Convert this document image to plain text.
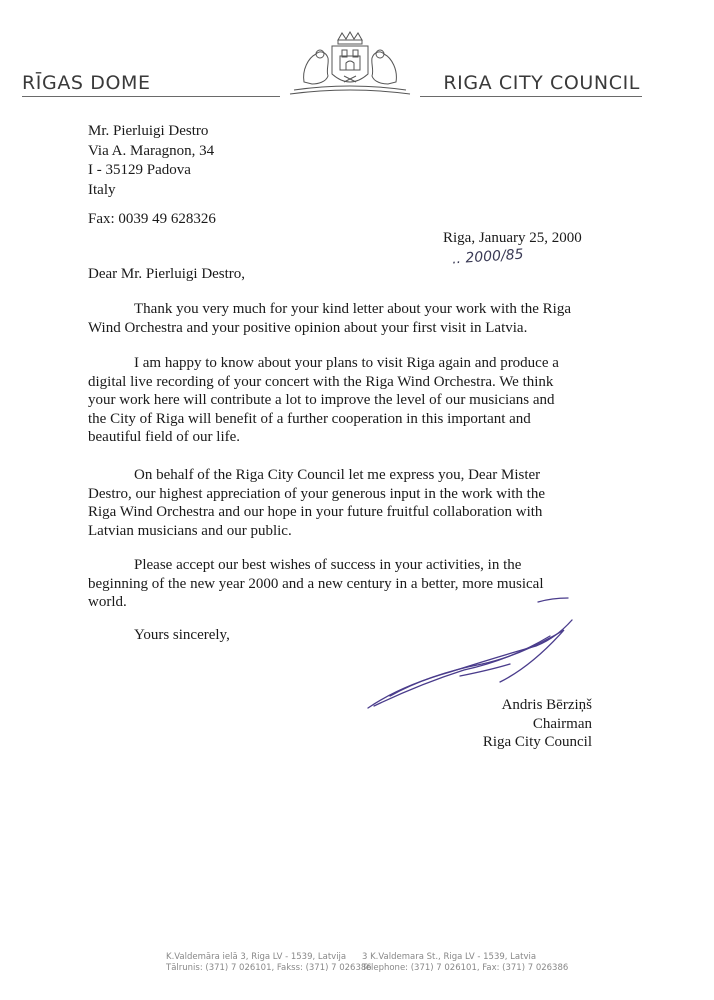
RĪGAS DOME	RIGA CITY COUNCIL
Mr. Pierluigi Destro
Via A. Maragnon, 34
I - 35129 Padova
Italy
Fax: 0039 49 628326
Riga, January 25, 2000
.. 2000/85
Dear Mr. Pierluigi Destro,
Thank you very much for your kind letter about your work with the Riga
Wind Orchestra and your positive opinion about your first visit in Latvia.
I am happy to know about your plans to visit Riga again and produce a
digital live recording of your concert with the Riga Wind Orchestra. We think
your work here will contribute a lot to improve the level of our musicians and
the City of Riga will benefit of a further cooperation in this important and
beautiful field of our life.
On behalf of the Riga City Council let me express you, Dear Mister
Destro, our highest appreciation of your generous input in the work with the
Riga Wind Orchestra and our hope in your future fruitful collaboration with
Latvian musicians and our public.
Please accept our best wishes of success in your activities, in the
beginning of the new year 2000 and a new century in a better, more musical
world.
Yours sincerely,
Andris Bērziņš
Chairman
Riga City Council
K.Valdemāra ielā 3, Riga LV - 1539, Latvija
Tālrunis: (371) 7 026101, Fakss: (371) 7 026386
3 K.Valdemara St., Riga LV - 1539, Latvia
Telephone: (371) 7 026101, Fax: (371) 7 026386
